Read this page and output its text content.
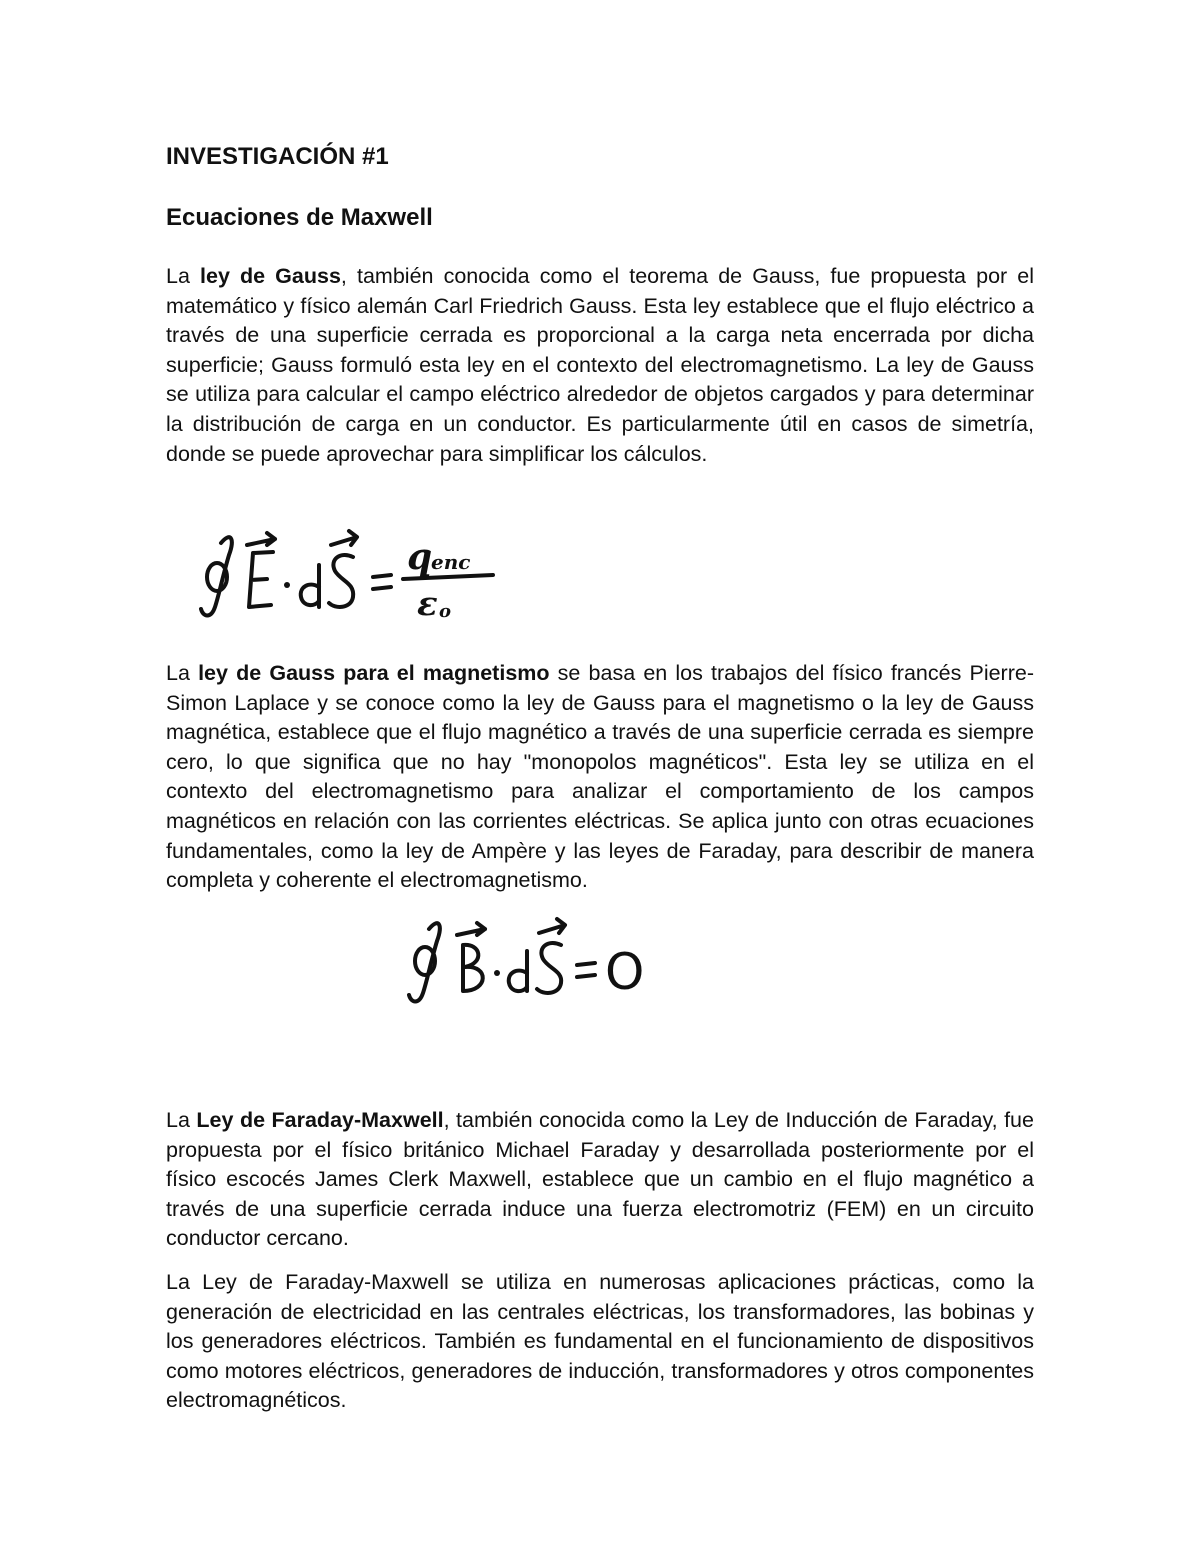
INVESTIGACIÓN #1
Ecuaciones de Maxwell

La ley de Gauss, también conocida como el teorema de Gauss, fue propuesta por el matemático y físico alemán Carl Friedrich Gauss. Esta ley establece que el flujo eléctrico a través de una superficie cerrada es proporcional a la carga neta encerrada por dicha superficie; Gauss formuló esta ley en el contexto del electromagnetismo. La ley de Gauss se utiliza para calcular el campo eléctrico alrededor de objetos cargados y para determinar la distribución de carga en un conductor. Es particularmente útil en casos de simetría, donde se puede aprovechar para simplificar los cálculos.

q
enc
ε o

La ley de Gauss para el magnetismo se basa en los trabajos del físico francés Pierre-Simon Laplace y se conoce como la ley de Gauss para el magnetismo o la ley de Gauss magnética, establece que el flujo magnético a través de una superficie cerrada es siempre cero, lo que significa que no hay "monopolos magnéticos". Esta ley se utiliza en el contexto del electromagnetismo para analizar el comportamiento de los campos magnéticos en relación con las corrientes eléctricas. Se aplica junto con otras ecuaciones fundamentales, como la ley de Ampère y las leyes de Faraday, para describir de manera completa y coherente el electromagnetismo.

O

La Ley de Faraday-Maxwell, también conocida como la Ley de Inducción de Faraday, fue propuesta por el físico británico Michael Faraday y desarrollada posteriormente por el físico escocés James Clerk Maxwell, establece que un cambio en el flujo magnético a través de una superficie cerrada induce una fuerza electromotriz (FEM) en un circuito conductor cercano.

La Ley de Faraday-Maxwell se utiliza en numerosas aplicaciones prácticas, como la generación de electricidad en las centrales eléctricas, los transformadores, las bobinas y los generadores eléctricos. También es fundamental en el funcionamiento de dispositivos como motores eléctricos, generadores de inducción, transformadores y otros componentes electromagnéticos.
